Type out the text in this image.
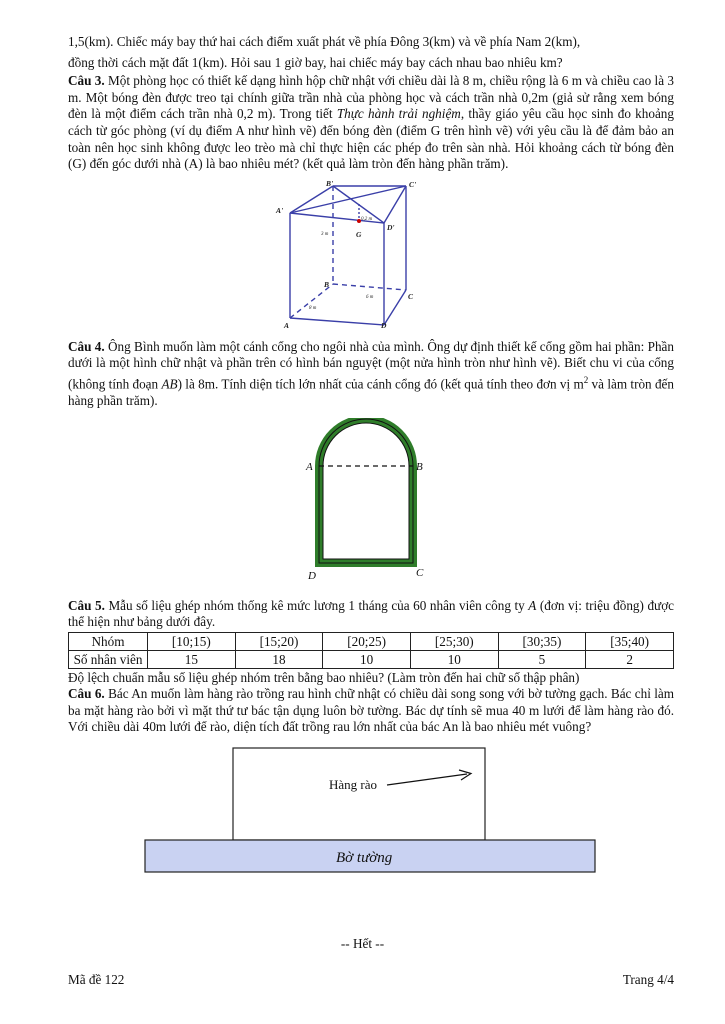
1,5(km). Chiếc máy bay thứ hai cách điểm xuất phát về phía Đông 3(km) và về phía Nam 2(km),

đồng thời cách mặt đất 1(km). Hỏi sau 1 giờ bay, hai chiếc máy bay cách nhau bao nhiêu km?

Câu 3. Một phòng học có thiết kế dạng hình hộp chữ nhật với chiều dài là 8 m, chiều rộng là 6 m và chiều cao là 3 m. Một bóng đèn được treo tại chính giữa trần nhà của phòng học và cách trần nhà 0,2m (giả sử rằng xem bóng đèn là một điểm cách trần nhà 0,2 m). Trong tiết Thực hành trải nghiệm, thầy giáo yêu cầu học sinh đo khoảng cách từ góc phòng (ví dụ điểm A như hình vẽ) đến bóng đèn (điểm G trên hình vẽ) với yêu cầu là để đảm bảo an toàn nên học sinh không được leo trèo mà chỉ thực hiện các phép đo trên sàn nhà. Hỏi khoảng cách từ bóng đèn (G) đến góc dưới nhà (A) là bao nhiêu mét? (kết quả làm tròn đến hàng phần trăm).

B'	C'
A'
D'
G
B
C
A	D
3 m
0,2 m
6 m
8 m

Câu 4. Ông Bình muốn làm một cánh cổng cho ngôi nhà của mình. Ông dự định thiết kế cổng gồm hai phần: Phần dưới là một hình chữ nhật và phần trên có hình bán nguyệt (một nửa hình tròn như hình vẽ). Biết chu vi của cổng (không tính đoạn AB) là 8m. Tính diện tích lớn nhất của cánh cổng đó (kết quả tính theo đơn vị $m^2$ và làm tròn đến hàng phần trăm).

A	B
C
D

Câu 5. Mẫu số liệu ghép nhóm thống kê mức lương 1 tháng của 60 nhân viên công ty A (đơn vị: triệu đồng) được thể hiện như bảng dưới đây.

Nhóm	[10;15)	[15;20)	[20;25)	[25;30)	[30;35)	[35;40)
Số nhân viên	15	18	10	10	5	2

Độ lệch chuẩn mẫu số liệu ghép nhóm trên bằng bao nhiêu? (Làm tròn đến hai chữ số thập phân)

Câu 6. Bác An muốn làm hàng rào trồng rau hình chữ nhật có chiều dài song song với bờ tường gạch. Bác chỉ làm ba mặt hàng rào bởi vì mặt thứ tư bác tận dụng luôn bờ tường. Bác dự tính sẽ mua 40 m lưới để làm hàng rào đó. Với chiều dài 40m lưới để rào, diện tích đất trồng rau lớn nhất của bác An là bao nhiêu mét vuông?

Hàng rào
Bờ tường
-- Hết --
Mã đề 122	Trang 4/4
